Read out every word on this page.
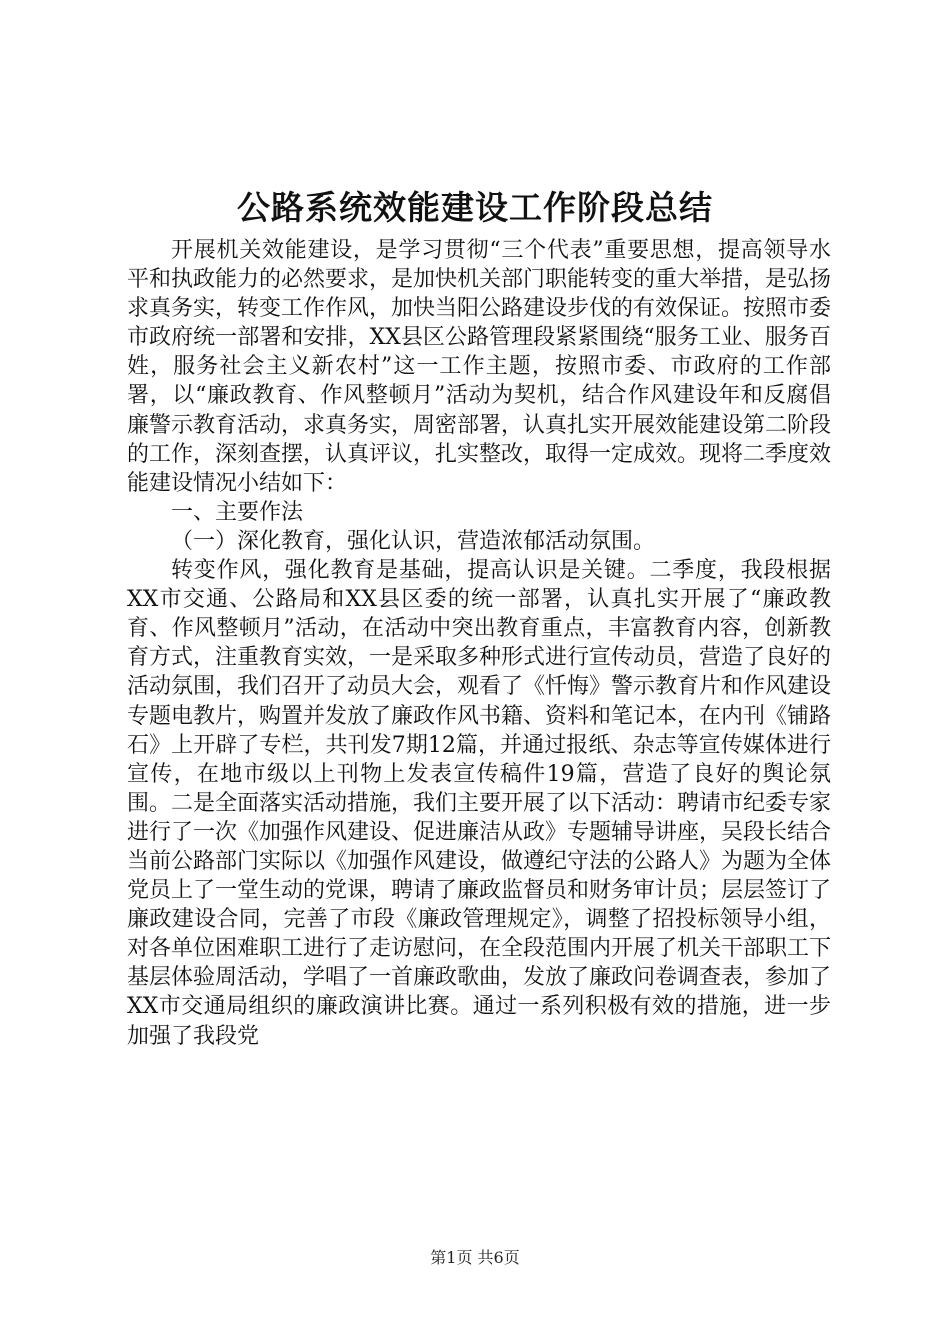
公路系统效能建设工作阶段总结

开展机关效能建设，是学习贯彻“三个代表”重要思想，提高领导水平和执政能力的必然要求，是加快机关部门职能转变的重大举措，是弘扬求真务实，转变工作作风，加快当阳公路建设步伐的有效保证。按照市委市政府统一部署和安排，XX县区公路管理段紧紧围绕“服务工业、服务百姓，服务社会主义新农村”这一工作主题，按照市委、市政府的工作部署，以“廉政教育、作风整顿月”活动为契机，结合作风建设年和反腐倡廉警示教育活动，求真务实，周密部署，认真扎实开展效能建设第二阶段的工作，深刻查摆，认真评议，扎实整改，取得一定成效。现将二季度效能建设情况小结如下：

一、主要作法

（一）深化教育，强化认识，营造浓郁活动氛围。

转变作风，强化教育是基础，提高认识是关键。二季度，我段根据XX市交通、公路局和XX县区委的统一部署，认真扎实开展了“廉政教育、作风整顿月”活动，在活动中突出教育重点，丰富教育内容，创新教育方式，注重教育实效，一是采取多种形式进行宣传动员，营造了良好的活动氛围，我们召开了动员大会，观看了《忏悔》警示教育片和作风建设专题电教片，购置并发放了廉政作风书籍、资料和笔记本，在内刊《铺路石》上开辟了专栏，共刊发7期12篇，并通过报纸、杂志等宣传媒体进行宣传，在地市级以上刊物上发表宣传稿件19篇，营造了良好的舆论氛围。二是全面落实活动措施，我们主要开展了以下活动：聘请市纪委专家进行了一次《加强作风建设、促进廉洁从政》专题辅导讲座，吴段长结合当前公路部门实际以《加强作风建设，做遵纪守法的公路人》为题为全体党员上了一堂生动的党课，聘请了廉政监督员和财务审计员；层层签订了廉政建设合同，完善了市段《廉政管理规定》，调整了招投标领导小组，对各单位困难职工进行了走访慰问，在全段范围内开展了机关干部职工下基层体验周活动，学唱了一首廉政歌曲，发放了廉政问卷调查表，参加了XX市交通局组织的廉政演讲比赛。通过一系列积极有效的措施，进一步加强了我段党

第1页 共6页
